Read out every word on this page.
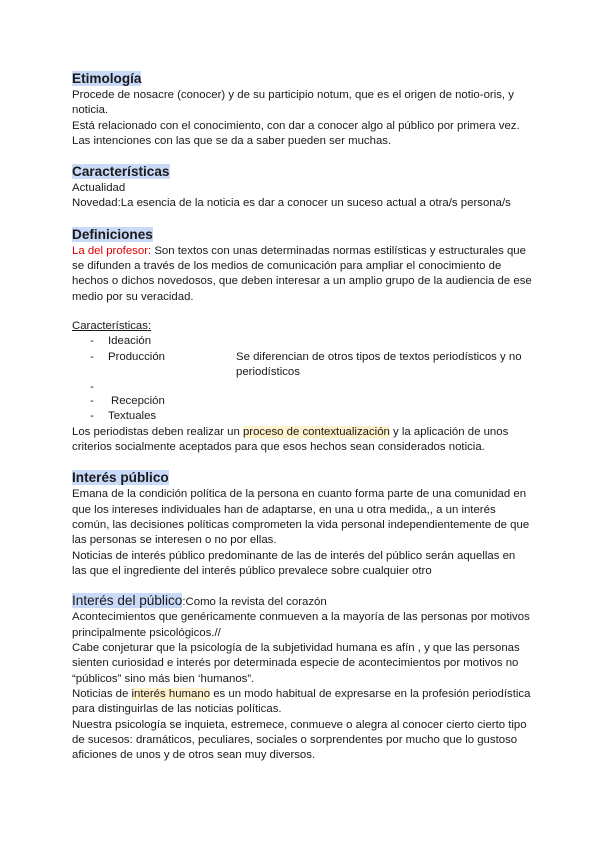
Etimología

Procede de nosacre (conocer) y de su participio notum, que es el origen de notio-oris, y noticia.

Está relacionado con el conocimiento, con dar a conocer algo al público por primera vez.

Las intenciones con las que se da a saber pueden ser muchas.

Características

Actualidad

Novedad:La esencia de la noticia es dar a conocer un suceso actual a otra/s persona/s

Definiciones

La del profesor: Son textos con unas determinadas normas estilísticas y estructurales que se difunden a través de los medios de comunicación para ampliar el conocimiento de hechos o dichos novedosos, que deben interesar a un amplio grupo de la audiencia de ese medio por su veracidad.

Características:

- Ideación
- Producción	Se diferencian de otros tipos de textos periodísticos y no periodísticos
-
- Recepción
- Textuales

Los periodistas deben realizar un proceso de contextualización y la aplicación de unos criterios socialmente aceptados para que esos hechos sean considerados noticia.

Interés público

Emana de la condición política de la persona en cuanto forma parte de una comunidad en que los intereses individuales han de adaptarse, en una u otra medida,, a un interés común, las decisiones políticas comprometen la vida personal independientemente de que las personas se interesen o no por ellas.

Noticias de interés público predominante de las de interés del público serán aquellas en las que el ingrediente del interés público prevalece sobre cualquier otro

Interés del público:Como la revista del corazón

Acontecimientos que genéricamente conmueven a la mayoría de las personas por motivos principalmente psicológicos.//

Cabe conjeturar que la psicología de la subjetividad humana es afín , y que las personas sienten curiosidad e interés por determinada especie de acontecimientos por motivos no “públicos” sino más bien ‘humanos”.

Noticias de interés humano es un modo habitual de expresarse en la profesión periodística para distinguirlas de las noticias políticas.

Nuestra psicología se inquieta, estremece, conmueve o alegra al conocer cierto cierto tipo de sucesos: dramáticos, peculiares, sociales o sorprendentes por mucho que lo gustoso aficiones de unos y de otros sean muy diversos.
